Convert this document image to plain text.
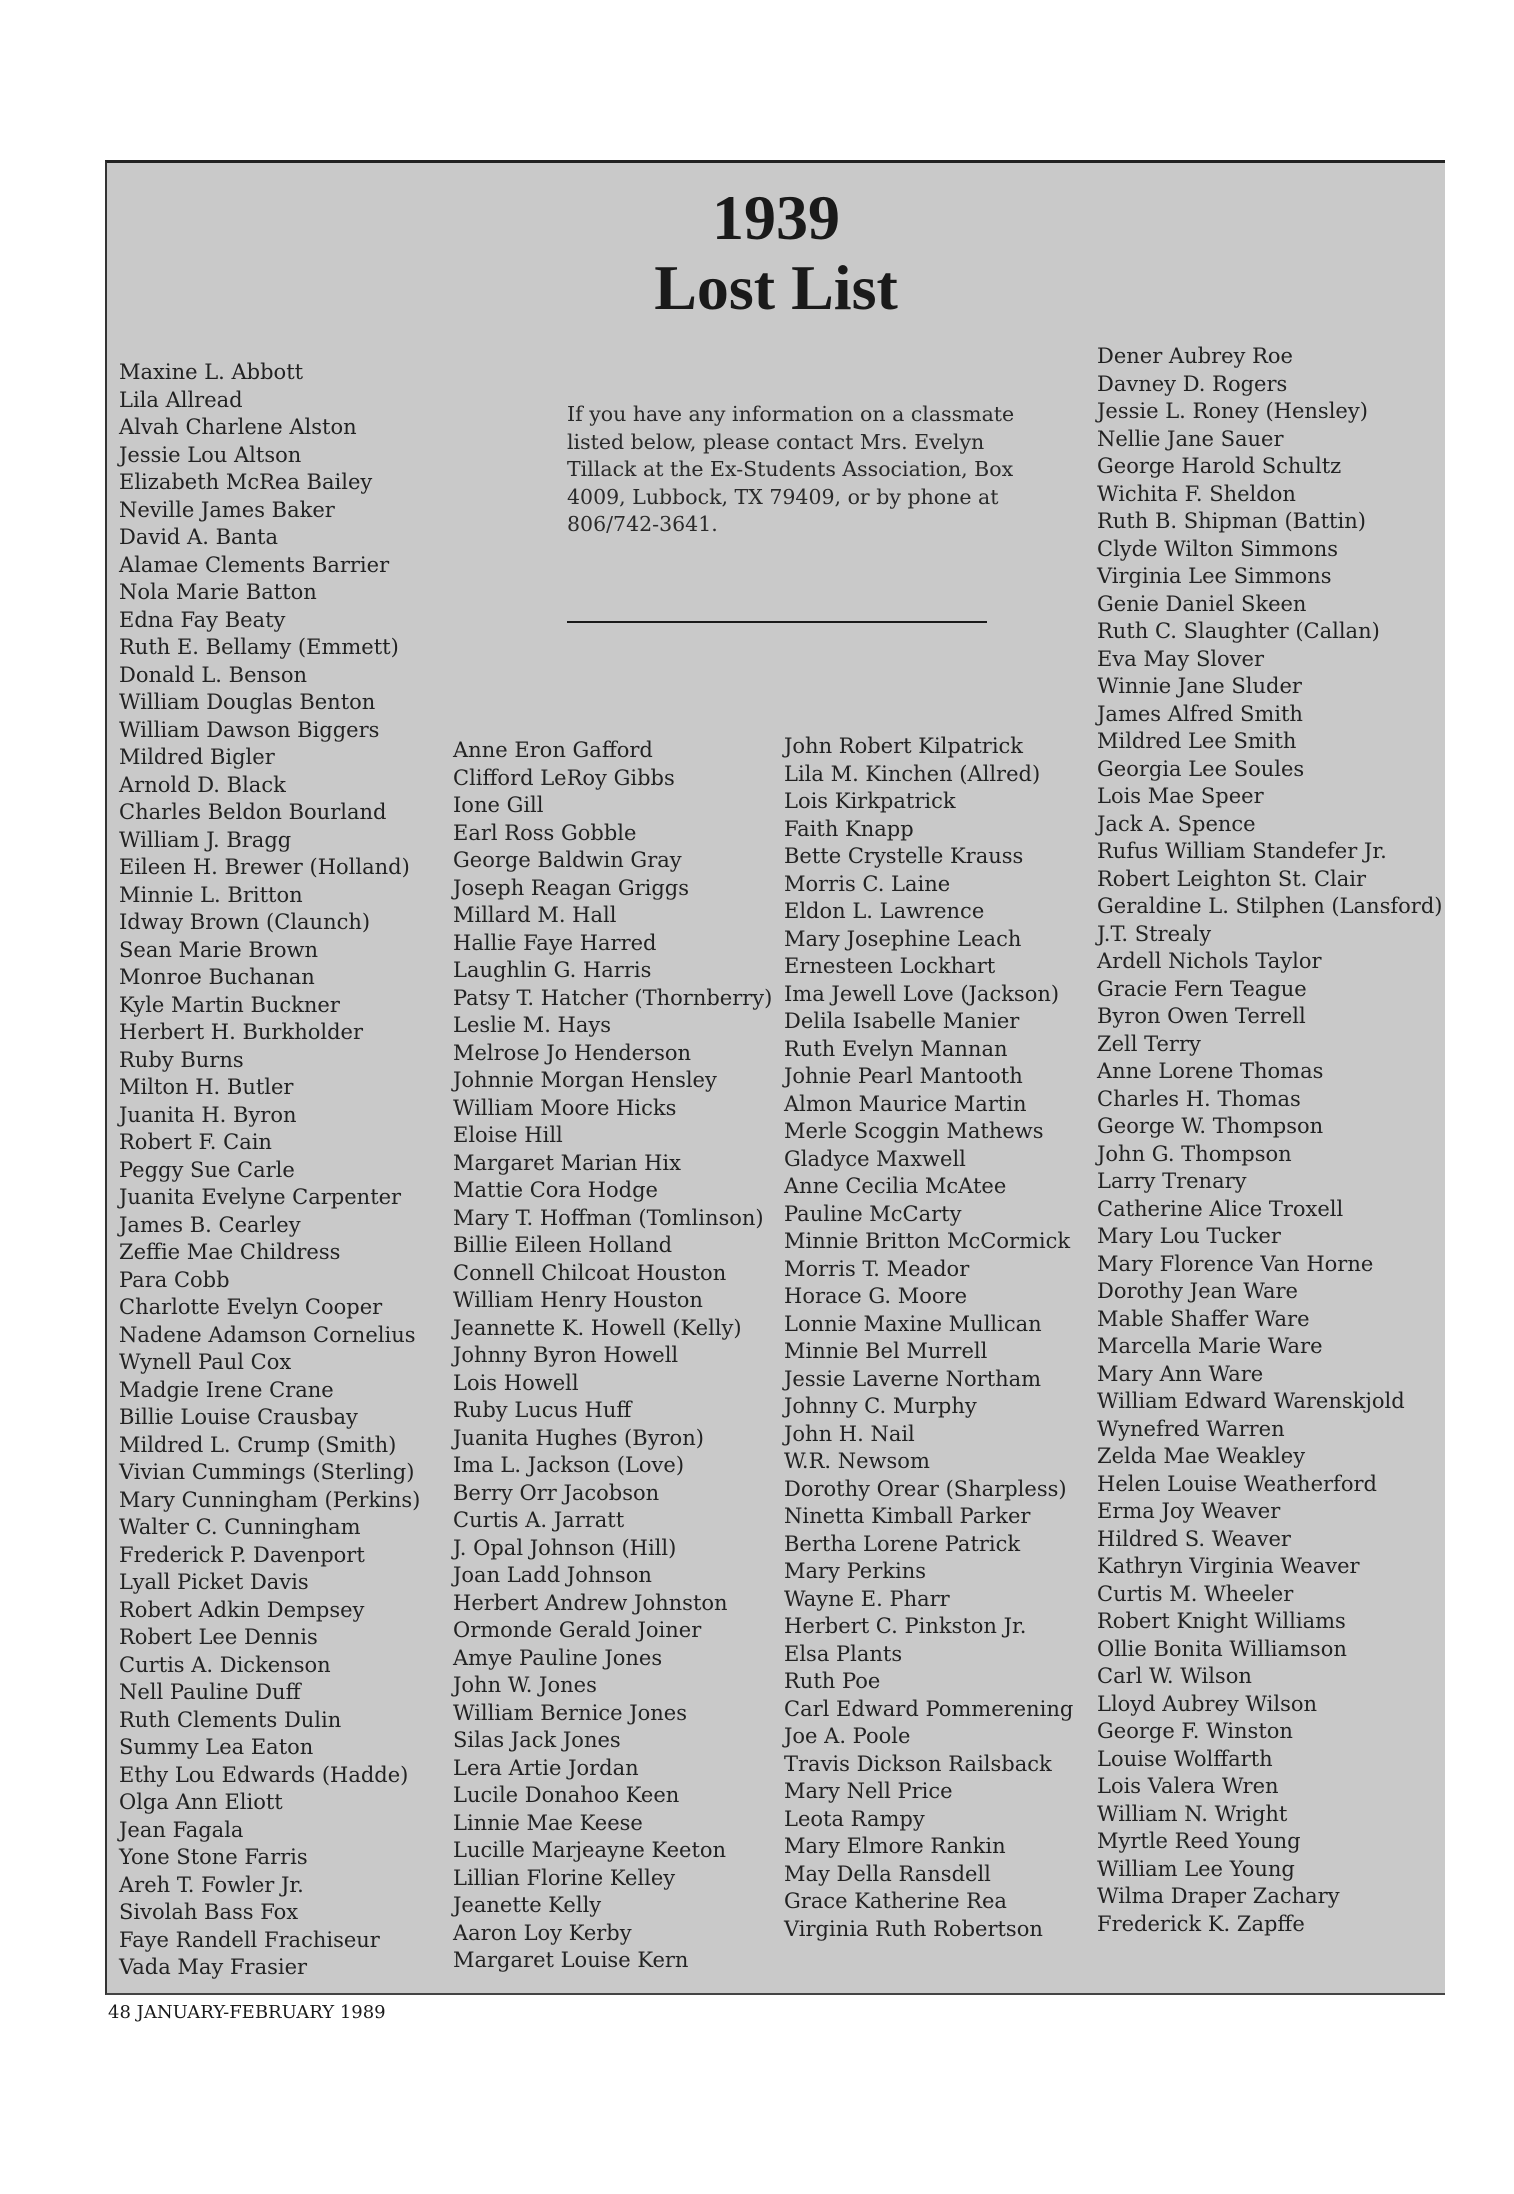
1939
Lost List
If you have any information on a classmate listed below, please contact Mrs. Evelyn Tillack at the Ex-Students Association, Box 4009, Lubbock, TX 79409, or by phone at 806/742-3641.
Maxine L. Abbott
Lila Allread
Alvah Charlene Alston
Jessie Lou Altson
Elizabeth McRea Bailey
Neville James Baker
David A. Banta
Alamae Clements Barrier
Nola Marie Batton
Edna Fay Beaty
Ruth E. Bellamy (Emmett)
Donald L. Benson
William Douglas Benton
William Dawson Biggers
Mildred Bigler
Arnold D. Black
Charles Beldon Bourland
William J. Bragg
Eileen H. Brewer (Holland)
Minnie L. Britton
Idway Brown (Claunch)
Sean Marie Brown
Monroe Buchanan
Kyle Martin Buckner
Herbert H. Burkholder
Ruby Burns
Milton H. Butler
Juanita H. Byron
Robert F. Cain
Peggy Sue Carle
Juanita Evelyne Carpenter
James B. Cearley
Zeffie Mae Childress
Para Cobb
Charlotte Evelyn Cooper
Nadene Adamson Cornelius
Wynell Paul Cox
Madgie Irene Crane
Billie Louise Crausbay
Mildred L. Crump (Smith)
Vivian Cummings (Sterling)
Mary Cunningham (Perkins)
Walter C. Cunningham
Frederick P. Davenport
Lyall Picket Davis
Robert Adkin Dempsey
Robert Lee Dennis
Curtis A. Dickenson
Nell Pauline Duff
Ruth Clements Dulin
Summy Lea Eaton
Ethy Lou Edwards (Hadde)
Olga Ann Eliott
Jean Fagala
Yone Stone Farris
Areh T. Fowler Jr.
Sivolah Bass Fox
Faye Randell Frachiseur
Vada May Frasier
Anne Eron Gafford
Clifford LeRoy Gibbs
Ione Gill
Earl Ross Gobble
George Baldwin Gray
Joseph Reagan Griggs
Millard M. Hall
Hallie Faye Harred
Laughlin G. Harris
Patsy T. Hatcher (Thornberry)
Leslie M. Hays
Melrose Jo Henderson
Johnnie Morgan Hensley
William Moore Hicks
Eloise Hill
Margaret Marian Hix
Mattie Cora Hodge
Mary T. Hoffman (Tomlinson)
Billie Eileen Holland
Connell Chilcoat Houston
William Henry Houston
Jeannette K. Howell (Kelly)
Johnny Byron Howell
Lois Howell
Ruby Lucus Huff
Juanita Hughes (Byron)
Ima L. Jackson (Love)
Berry Orr Jacobson
Curtis A. Jarratt
J. Opal Johnson (Hill)
Joan Ladd Johnson
Herbert Andrew Johnston
Ormonde Gerald Joiner
Amye Pauline Jones
John W. Jones
William Bernice Jones
Silas Jack Jones
Lera Artie Jordan
Lucile Donahoo Keen
Linnie Mae Keese
Lucille Marjeayne Keeton
Lillian Florine Kelley
Jeanette Kelly
Aaron Loy Kerby
Margaret Louise Kern
John Robert Kilpatrick
Lila M. Kinchen (Allred)
Lois Kirkpatrick
Faith Knapp
Bette Crystelle Krauss
Morris C. Laine
Eldon L. Lawrence
Mary Josephine Leach
Ernesteen Lockhart
Ima Jewell Love (Jackson)
Delila Isabelle Manier
Ruth Evelyn Mannan
Johnie Pearl Mantooth
Almon Maurice Martin
Merle Scoggin Mathews
Gladyce Maxwell
Anne Cecilia McAtee
Pauline McCarty
Minnie Britton McCormick
Morris T. Meador
Horace G. Moore
Lonnie Maxine Mullican
Minnie Bel Murrell
Jessie Laverne Northam
Johnny C. Murphy
John H. Nail
W.R. Newsom
Dorothy Orear (Sharpless)
Ninetta Kimball Parker
Bertha Lorene Patrick
Mary Perkins
Wayne E. Pharr
Herbert C. Pinkston Jr.
Elsa Plants
Ruth Poe
Carl Edward Pommerening
Joe A. Poole
Travis Dickson Railsback
Mary Nell Price
Leota Rampy
Mary Elmore Rankin
May Della Ransdell
Grace Katherine Rea
Virginia Ruth Robertson
Dener Aubrey Roe
Davney D. Rogers
Jessie L. Roney (Hensley)
Nellie Jane Sauer
George Harold Schultz
Wichita F. Sheldon
Ruth B. Shipman (Battin)
Clyde Wilton Simmons
Virginia Lee Simmons
Genie Daniel Skeen
Ruth C. Slaughter (Callan)
Eva May Slover
Winnie Jane Sluder
James Alfred Smith
Mildred Lee Smith
Georgia Lee Soules
Lois Mae Speer
Jack A. Spence
Rufus William Standefer Jr.
Robert Leighton St. Clair
Geraldine L. Stilphen (Lansford)
J.T. Strealy
Ardell Nichols Taylor
Gracie Fern Teague
Byron Owen Terrell
Zell Terry
Anne Lorene Thomas
Charles H. Thomas
George W. Thompson
John G. Thompson
Larry Trenary
Catherine Alice Troxell
Mary Lou Tucker
Mary Florence Van Horne
Dorothy Jean Ware
Mable Shaffer Ware
Marcella Marie Ware
Mary Ann Ware
William Edward Warenskjold
Wynefred Warren
Zelda Mae Weakley
Helen Louise Weatherford
Erma Joy Weaver
Hildred S. Weaver
Kathryn Virginia Weaver
Curtis M. Wheeler
Robert Knight Williams
Ollie Bonita Williamson
Carl W. Wilson
Lloyd Aubrey Wilson
George F. Winston
Louise Wolffarth
Lois Valera Wren
William N. Wright
Myrtle Reed Young
William Lee Young
Wilma Draper Zachary
Frederick K. Zapffe
48 JANUARY-FEBRUARY 1989
